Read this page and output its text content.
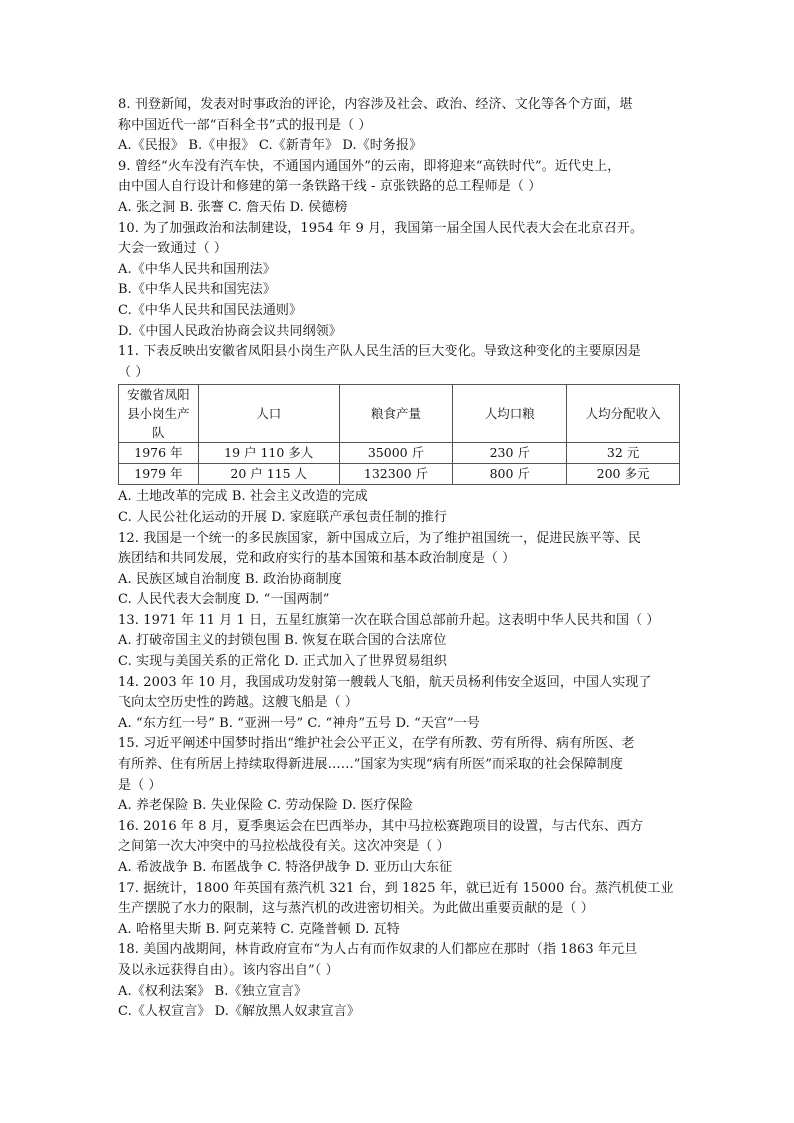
8. 刊登新闻，发表对时事政治的评论，内容涉及社会、政治、经济、文化等各个方面，堪
称中国近代一部“百科全书”式的报刊是（ ）
A.《民报》 B.《申报》 C.《新青年》 D.《时务报》
9. 曾经“火车没有汽车快，不通国内通国外”的云南，即将迎来“高铁时代”。近代史上，
由中国人自行设计和修建的第一条铁路干线 - 京张铁路的总工程师是（ ）
A. 张之洞 B. 张謇 C. 詹天佑 D. 侯德榜
10. 为了加强政治和法制建设，1954 年 9 月，我国第一届全国人民代表大会在北京召开。
大会一致通过（ ）
A.《中华人民共和国刑法》
B.《中华人民共和国宪法》
C.《中华人民共和国民法通则》
D.《中国人民政治协商会议共同纲领》
11. 下表反映出安徽省凤阳县小岗生产队人民生活的巨大变化。导致这种变化的主要原因是
（ ）
安徽省凤阳县小岗生产队	人口	粮食产量	人均口粮	人均分配收入
1976 年	19 户 110 多人	35000 斤	230 斤	32 元
1979 年	20 户 115 人	132300 斤	800 斤	200 多元
A. 土地改革的完成 B. 社会主义改造的完成
C. 人民公社化运动的开展 D. 家庭联产承包责任制的推行
12. 我国是一个统一的多民族国家，新中国成立后，为了维护祖国统一，促进民族平等、民
族团结和共同发展，党和政府实行的基本国策和基本政治制度是（ ）
A. 民族区域自治制度 B. 政治协商制度
C. 人民代表大会制度 D. “一国两制”
13. 1971 年 11 月 1 日，五星红旗第一次在联合国总部前升起。这表明中华人民共和国（ ）
A. 打破帝国主义的封锁包围 B. 恢复在联合国的合法席位
C. 实现与美国关系的正常化 D. 正式加入了世界贸易组织
14. 2003 年 10 月，我国成功发射第一艘载人飞船，航天员杨利伟安全返回，中国人实现了
飞向太空历史性的跨越。这艘飞船是（ ）
A. “东方红一号” B. “亚洲一号” C. “神舟”五号 D. “天宫”一号
15. 习近平阐述中国梦时指出“维护社会公平正义，在学有所教、劳有所得、病有所医、老
有所养、住有所居上持续取得新进展……”国家为实现“病有所医”而采取的社会保障制度
是（ ）
A. 养老保险 B. 失业保险 C. 劳动保险 D. 医疗保险
16. 2016 年 8 月，夏季奥运会在巴西举办，其中马拉松赛跑项目的设置，与古代东、西方
之间第一次大冲突中的马拉松战役有关。这次冲突是（ ）
A. 希波战争 B. 布匿战争 C. 特洛伊战争 D. 亚历山大东征
17. 据统计，1800 年英国有蒸汽机 321 台，到 1825 年，就已近有 15000 台。蒸汽机使工业
生产摆脱了水力的限制，这与蒸汽机的改进密切相关。为此做出重要贡献的是（ ）
A. 哈格里夫斯 B. 阿克莱特 C. 克隆普顿 D. 瓦特
18. 美国内战期间，林肯政府宣布“为人占有而作奴隶的人们都应在那时（指 1863 年元旦
及以永远获得自由）。该内容出自”（ ）
A.《权利法案》 B.《独立宣言》
C.《人权宣言》 D.《解放黑人奴隶宣言》
